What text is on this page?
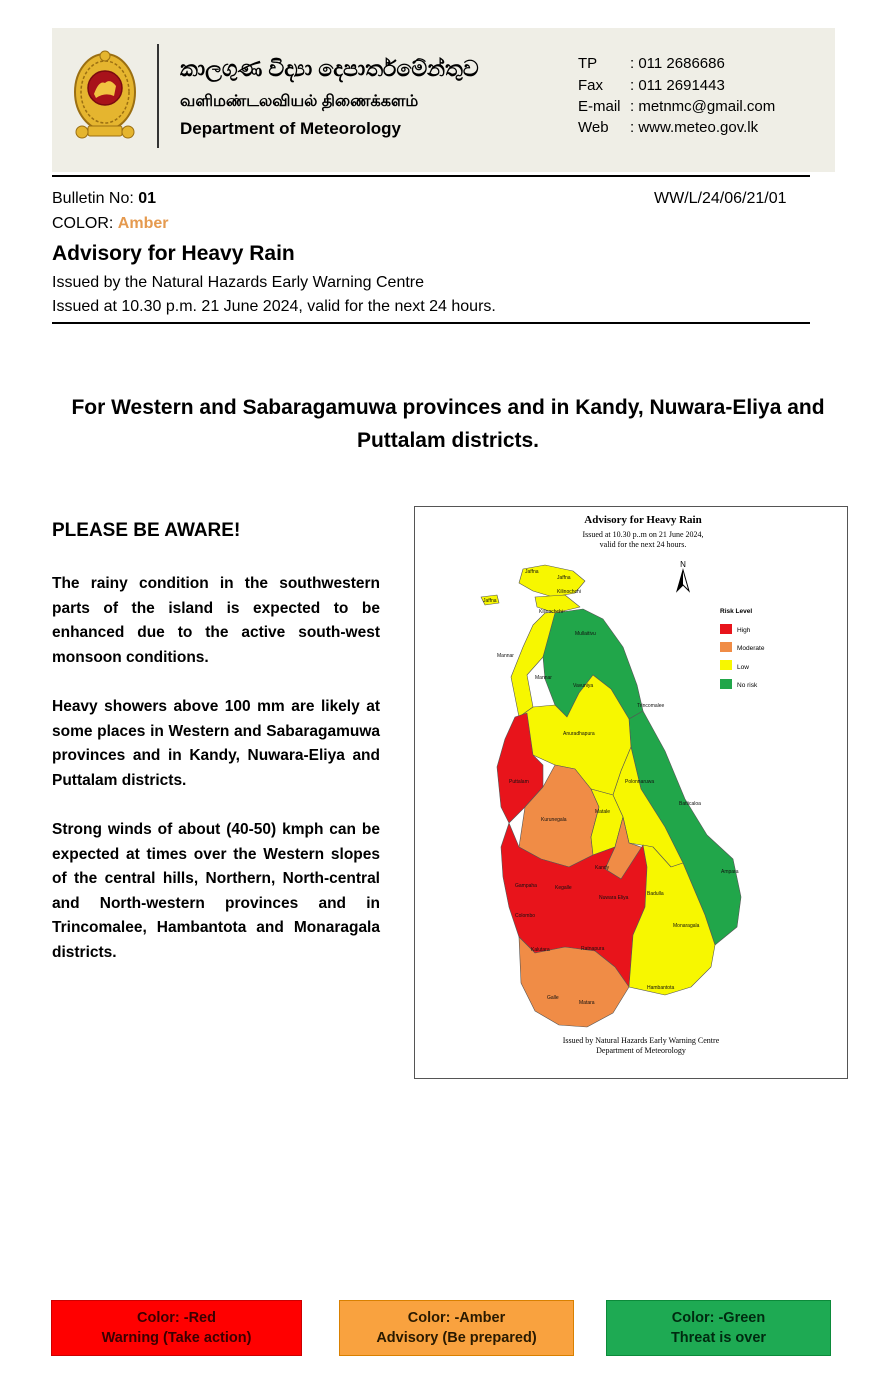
කාලගුණ විද්‍යා දෙපාර්තමේන්තුව
வளிமண்டலவியல் திணைக்களம்
Department of Meteorology
TP : 011 2686686
Fax : 011 2691443
E-mail : metnmc@gmail.com
Web : www.meteo.gov.lk
Bulletin No: 01	WW/L/24/06/21/01
COLOR: Amber
Advisory for Heavy Rain
Issued by the Natural Hazards Early Warning Centre
Issued at 10.30 p.m. 21 June 2024, valid for the next 24 hours.
For Western and Sabaragamuwa provinces and in Kandy, Nuwara-Eliya and Puttalam districts.
PLEASE BE AWARE!
The rainy condition in the southwestern parts of the island is expected to be enhanced due to the active south-west monsoon conditions.
Heavy showers above 100 mm are likely at some places in Western and Sabaragamuwa provinces and in Kandy, Nuwara-Eliya and Puttalam districts.
Strong winds of about (40-50) kmph can be expected at times over the Western slopes of the central hills, Northern, North-central and North-western provinces and in Trincomalee, Hambantota and Monaragala districts.
Advisory for Heavy Rain
Issued at 10.30 p..m on 21 June 2024,
valid for the next 24 hours.
N
Risk Level
High
Moderate
Low
No risk
Jaffna
Jaffna
Jaffna
Kilinochchi
Kilinochchi
Mullaitivu
Mannar
Mannar
Vavuniya
Trincomalee
Anuradhapura
Puttalam	Polonnaruwa
Batticaloa
Kurunegala
Matale
Kandy
Ampara
Gampaha	Kegalle
Nuwara Eliya
Badulla
Colombo
Monaragala
Kalutara	Ratnapura
Hambantota
Galle
Matara
Issued by Natural Hazards Early Warning Centre
Department of Meteorology
Color: -Red
Warning (Take action)
Color: -Amber
Advisory (Be prepared)
Color: -Green
Threat is over
